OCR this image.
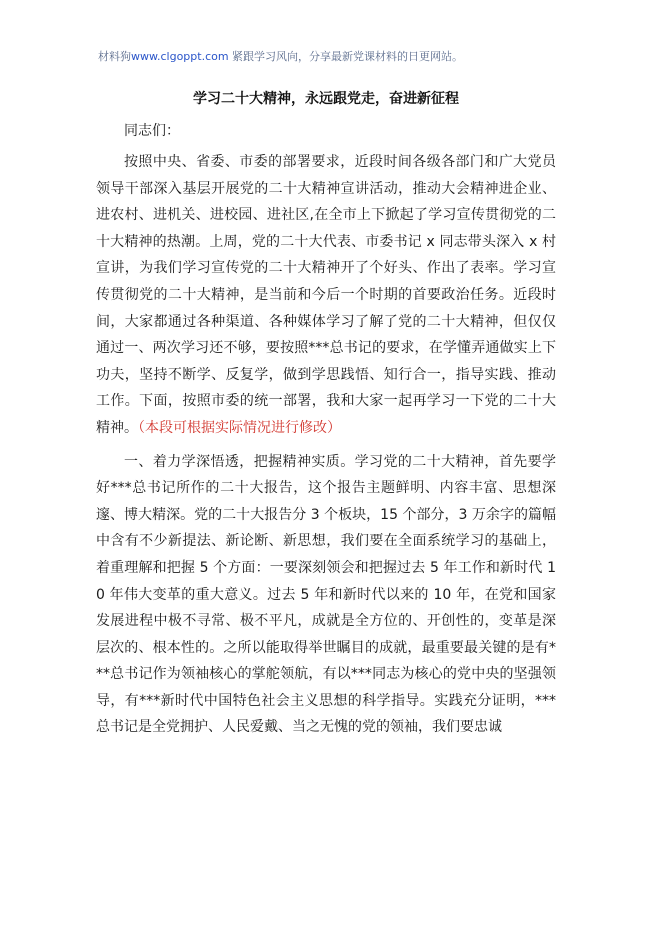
材料狗www.clgoppt.com 紧跟学习风向，分享最新党课材料的日更网站。
学习二十大精神，永远跟党走，奋进新征程
同志们：

按照中央、省委、市委的部署要求，近段时间各级各部门和广大党员领导干部深入基层开展党的二十大精神宣讲活动，推动大会精神进企业、进农村、进机关、进校园、进社区,在全市上下掀起了学习宣传贯彻党的二十大精神的热潮。上周，党的二十大代表、市委书记 x 同志带头深入 x 村宣讲，为我们学习宣传党的二十大精神开了个好头、作出了表率。学习宣传贯彻党的二十大精神，是当前和今后一个时期的首要政治任务。近段时间，大家都通过各种渠道、各种媒体学习了解了党的二十大精神，但仅仅通过一、两次学习还不够，要按照***总书记的要求，在学懂弄通做实上下功夫，坚持不断学、反复学，做到学思践悟、知行合一，指导实践、推动工作。下面，按照市委的统一部署，我和大家一起再学习一下党的二十大精神。（本段可根据实际情况进行修改）

一、着力学深悟透，把握精神实质。学习党的二十大精神，首先要学好***总书记所作的二十大报告，这个报告主题鲜明、内容丰富、思想深邃、博大精深。党的二十大报告分 3 个板块，15 个部分，3 万余字的篇幅中含有不少新提法、新论断、新思想，我们要在全面系统学习的基础上，着重理解和把握 5 个方面：一要深刻领会和把握过去 5 年工作和新时代 10 年伟大变革的重大意义。过去 5 年和新时代以来的 10 年，在党和国家发展进程中极不寻常、极不平凡，成就是全方位的、开创性的，变革是深层次的、根本性的。之所以能取得举世瞩目的成就，最重要最关键的是有***总书记作为领袖核心的掌舵领航，有以***同志为核心的党中央的坚强领导，有***新时代中国特色社会主义思想的科学指导。实践充分证明，***总书记是全党拥护、人民爱戴、当之无愧的党的领袖，我们要忠诚
